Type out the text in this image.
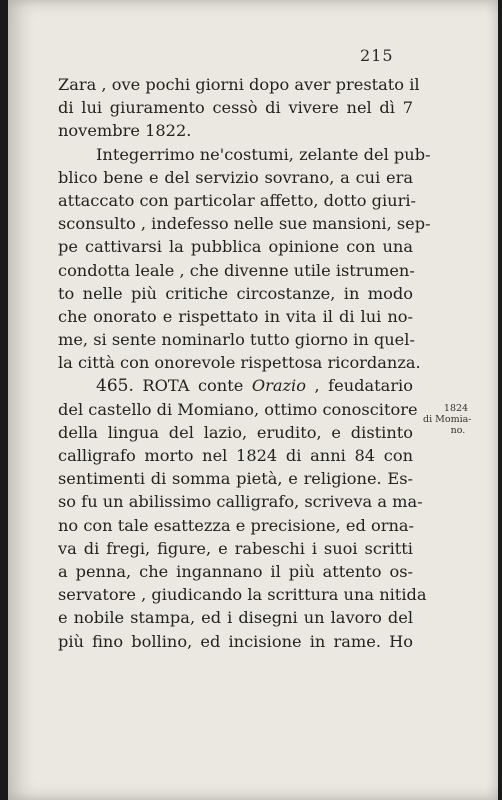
215
Zara , ove pochi giorni dopo aver prestato il
di lui giuramento cessò di vivere nel dì 7
novembre 1822.
Integerrimo ne'costumi, zelante del pub-
blico bene e del servizio sovrano, a cui era
attaccato con particolar affetto, dotto giuri-
sconsulto , indefesso nelle sue mansioni, sep-
pe cattivarsi la pubblica opinione con una
condotta leale , che divenne utile istrumen-
to nelle più critiche circostanze, in modo
che onorato e rispettato in vita il di lui no-
me, si sente nominarlo tutto giorno in quel-
la città con onorevole rispettosa ricordanza.
465. ROTA conte Orazio , feudatario
del castello di Momiano, ottimo conoscitore
della lingua del lazio, erudito, e distinto
calligrafo morto nel 1824 di anni 84 con
sentimenti di somma pietà, e religione. Es-
so fu un abilissimo calligrafo, scriveva a ma-
no con tale esattezza e precisione, ed orna-
va di fregi, figure, e rabeschi i suoi scritti
a penna, che ingannano il più attento os-
servatore , giudicando la scrittura una nitida
e nobile stampa, ed i disegni un lavoro del
più fino bollino, ed incisione in rame. Ho
1824
di Momia-
no.
